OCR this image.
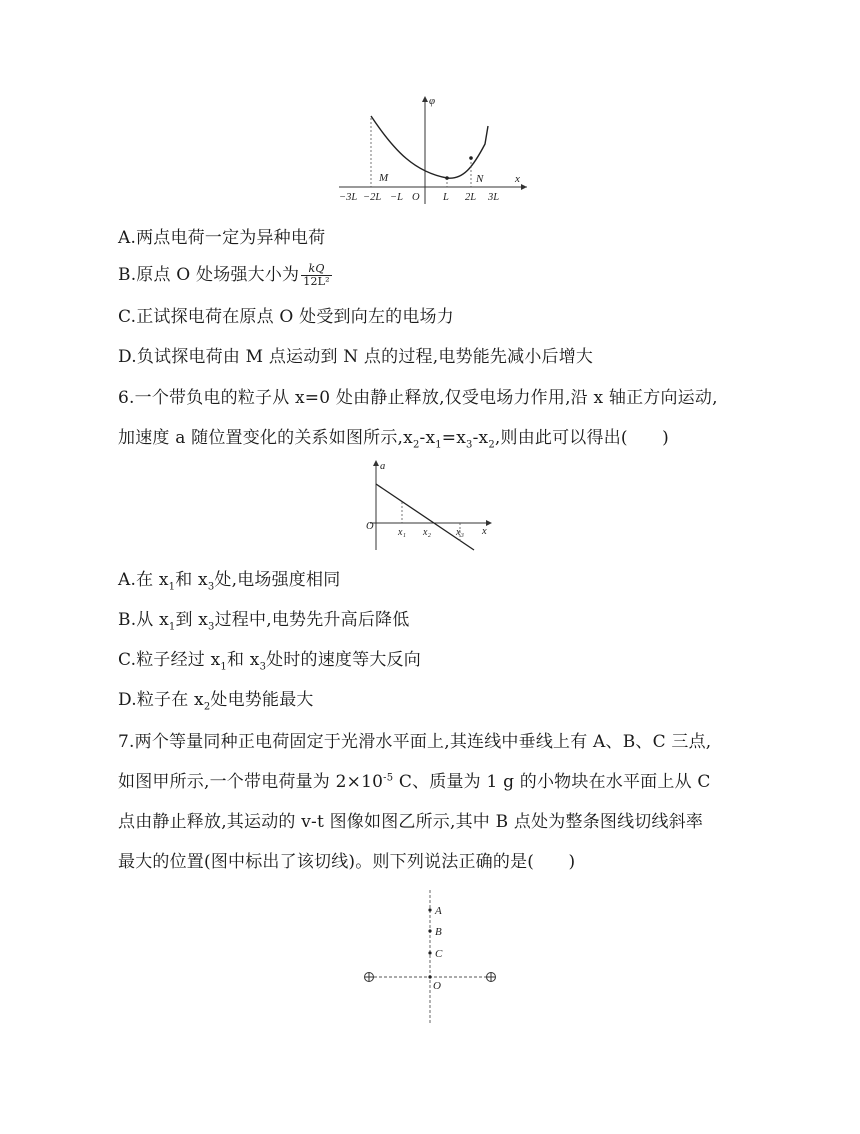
φ
x
M	N
−3L −2L −L O L 2L 3L
A.两点电荷一定为异种电荷
B.原点 O 处场强大小为 $\frac{kQ}{\text{12L²}}$
C.正试探电荷在原点 O 处受到向左的电场力
D.负试探电荷由 M 点运动到 N 点的过程,电势能先减小后增大
6.一个带负电的粒子从 x=0 处由静止释放,仅受电场力作用,沿 x 轴正方向运动,
加速度 a 随位置变化的关系如图所示$,x_2-x_1=x_3-x_2$,则由此可以得出(　　)
a
x
O
x₁ x₂	x₃
A.在 $x_1$和 $x_3$处,电场强度相同
B.从 $x_1$到 $x_3$过程中,电势先升高后降低
C.粒子经过 $x_1$和 $x_3$处时的速度等大反向
D.粒子在 $x_2$处电势能最大
7.两个等量同种正电荷固定于光滑水平面上,其连线中垂线上有 A、B、C 三点,
如图甲所示,一个带电荷量为 $2\times 10^{-5}$ C、质量为 1 g 的小物块在水平面上从 C
点由静止释放,其运动的 v-t 图像如图乙所示,其中 B 点处为整条图线切线斜率
最大的位置(图中标出了该切线)。则下列说法正确的是(　　)
A
B
C
O
